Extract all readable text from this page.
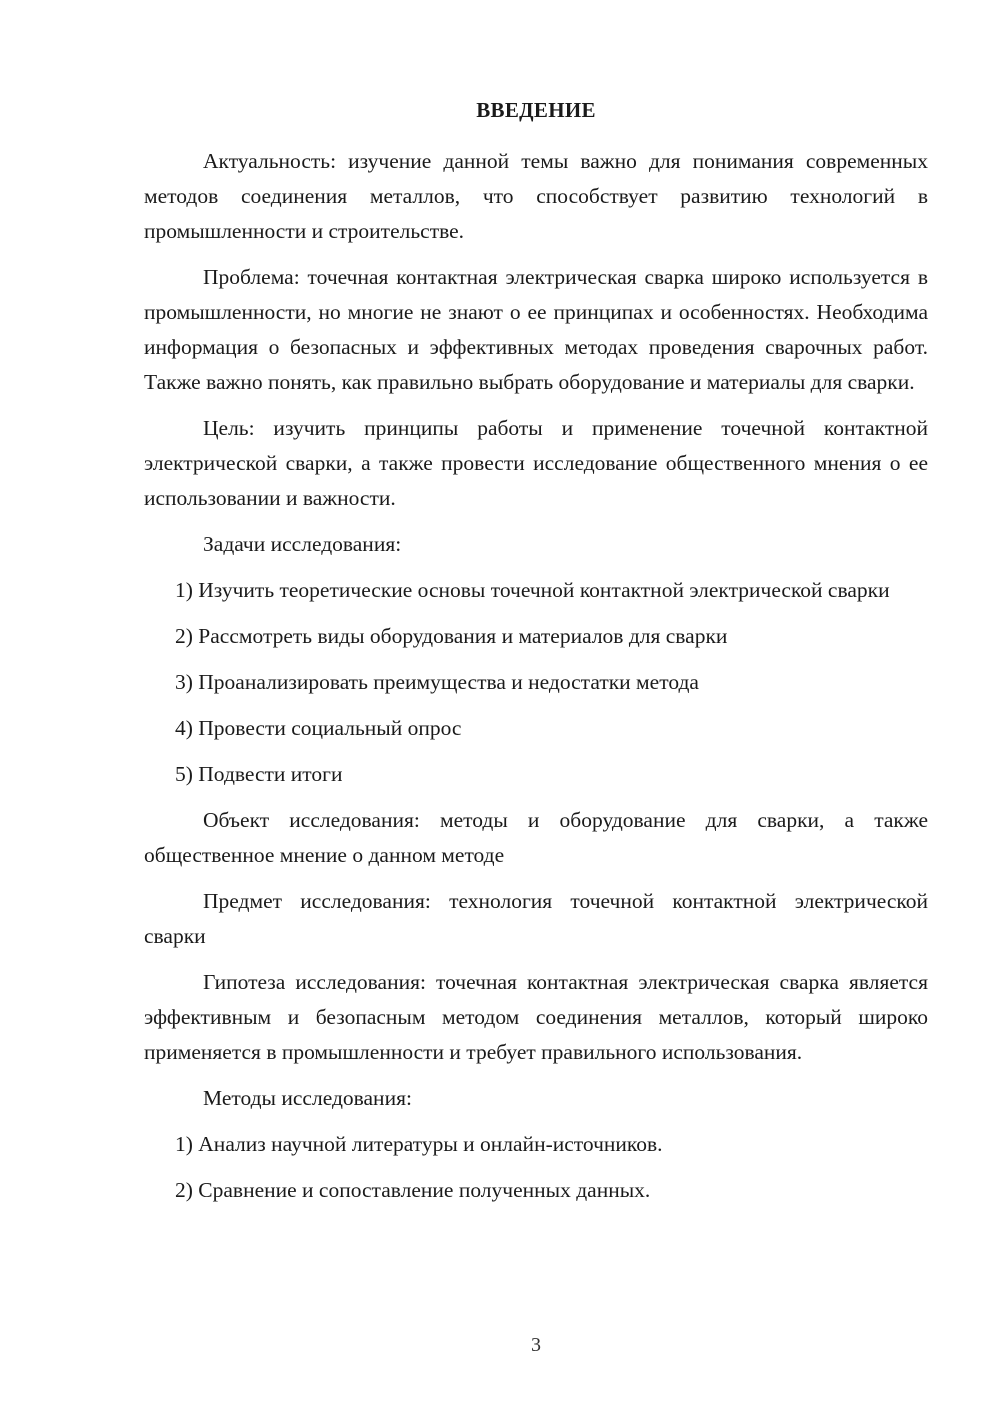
ВВЕДЕНИЕ

Актуальность: изучение данной темы важно для понимания современных методов соединения металлов, что способствует развитию технологий в промышленности и строительстве.

Проблема: точечная контактная электрическая сварка широко используется в промышленности, но многие не знают о ее принципах и особенностях. Необходима информация о безопасных и эффективных методах проведения сварочных работ. Также важно понять, как правильно выбрать оборудование и материалы для сварки.

Цель: изучить принципы работы и применение точечной контактной электрической сварки, а также провести исследование общественного мнения о ее использовании и важности.

Задачи исследования:

1) Изучить теоретические основы точечной контактной электрической сварки

2) Рассмотреть виды оборудования и материалов для сварки

3) Проанализировать преимущества и недостатки метода

4) Провести социальный опрос

5) Подвести итоги

Объект исследования: методы и оборудование для сварки, а также общественное мнение о данном методе

Предмет исследования: технология точечной контактной электрической сварки

Гипотеза исследования: точечная контактная электрическая сварка является эффективным и безопасным методом соединения металлов, который широко применяется в промышленности и требует правильного использования.

Методы исследования:

1) Анализ научной литературы и онлайн-источников.

2) Сравнение и сопоставление полученных данных.

3
